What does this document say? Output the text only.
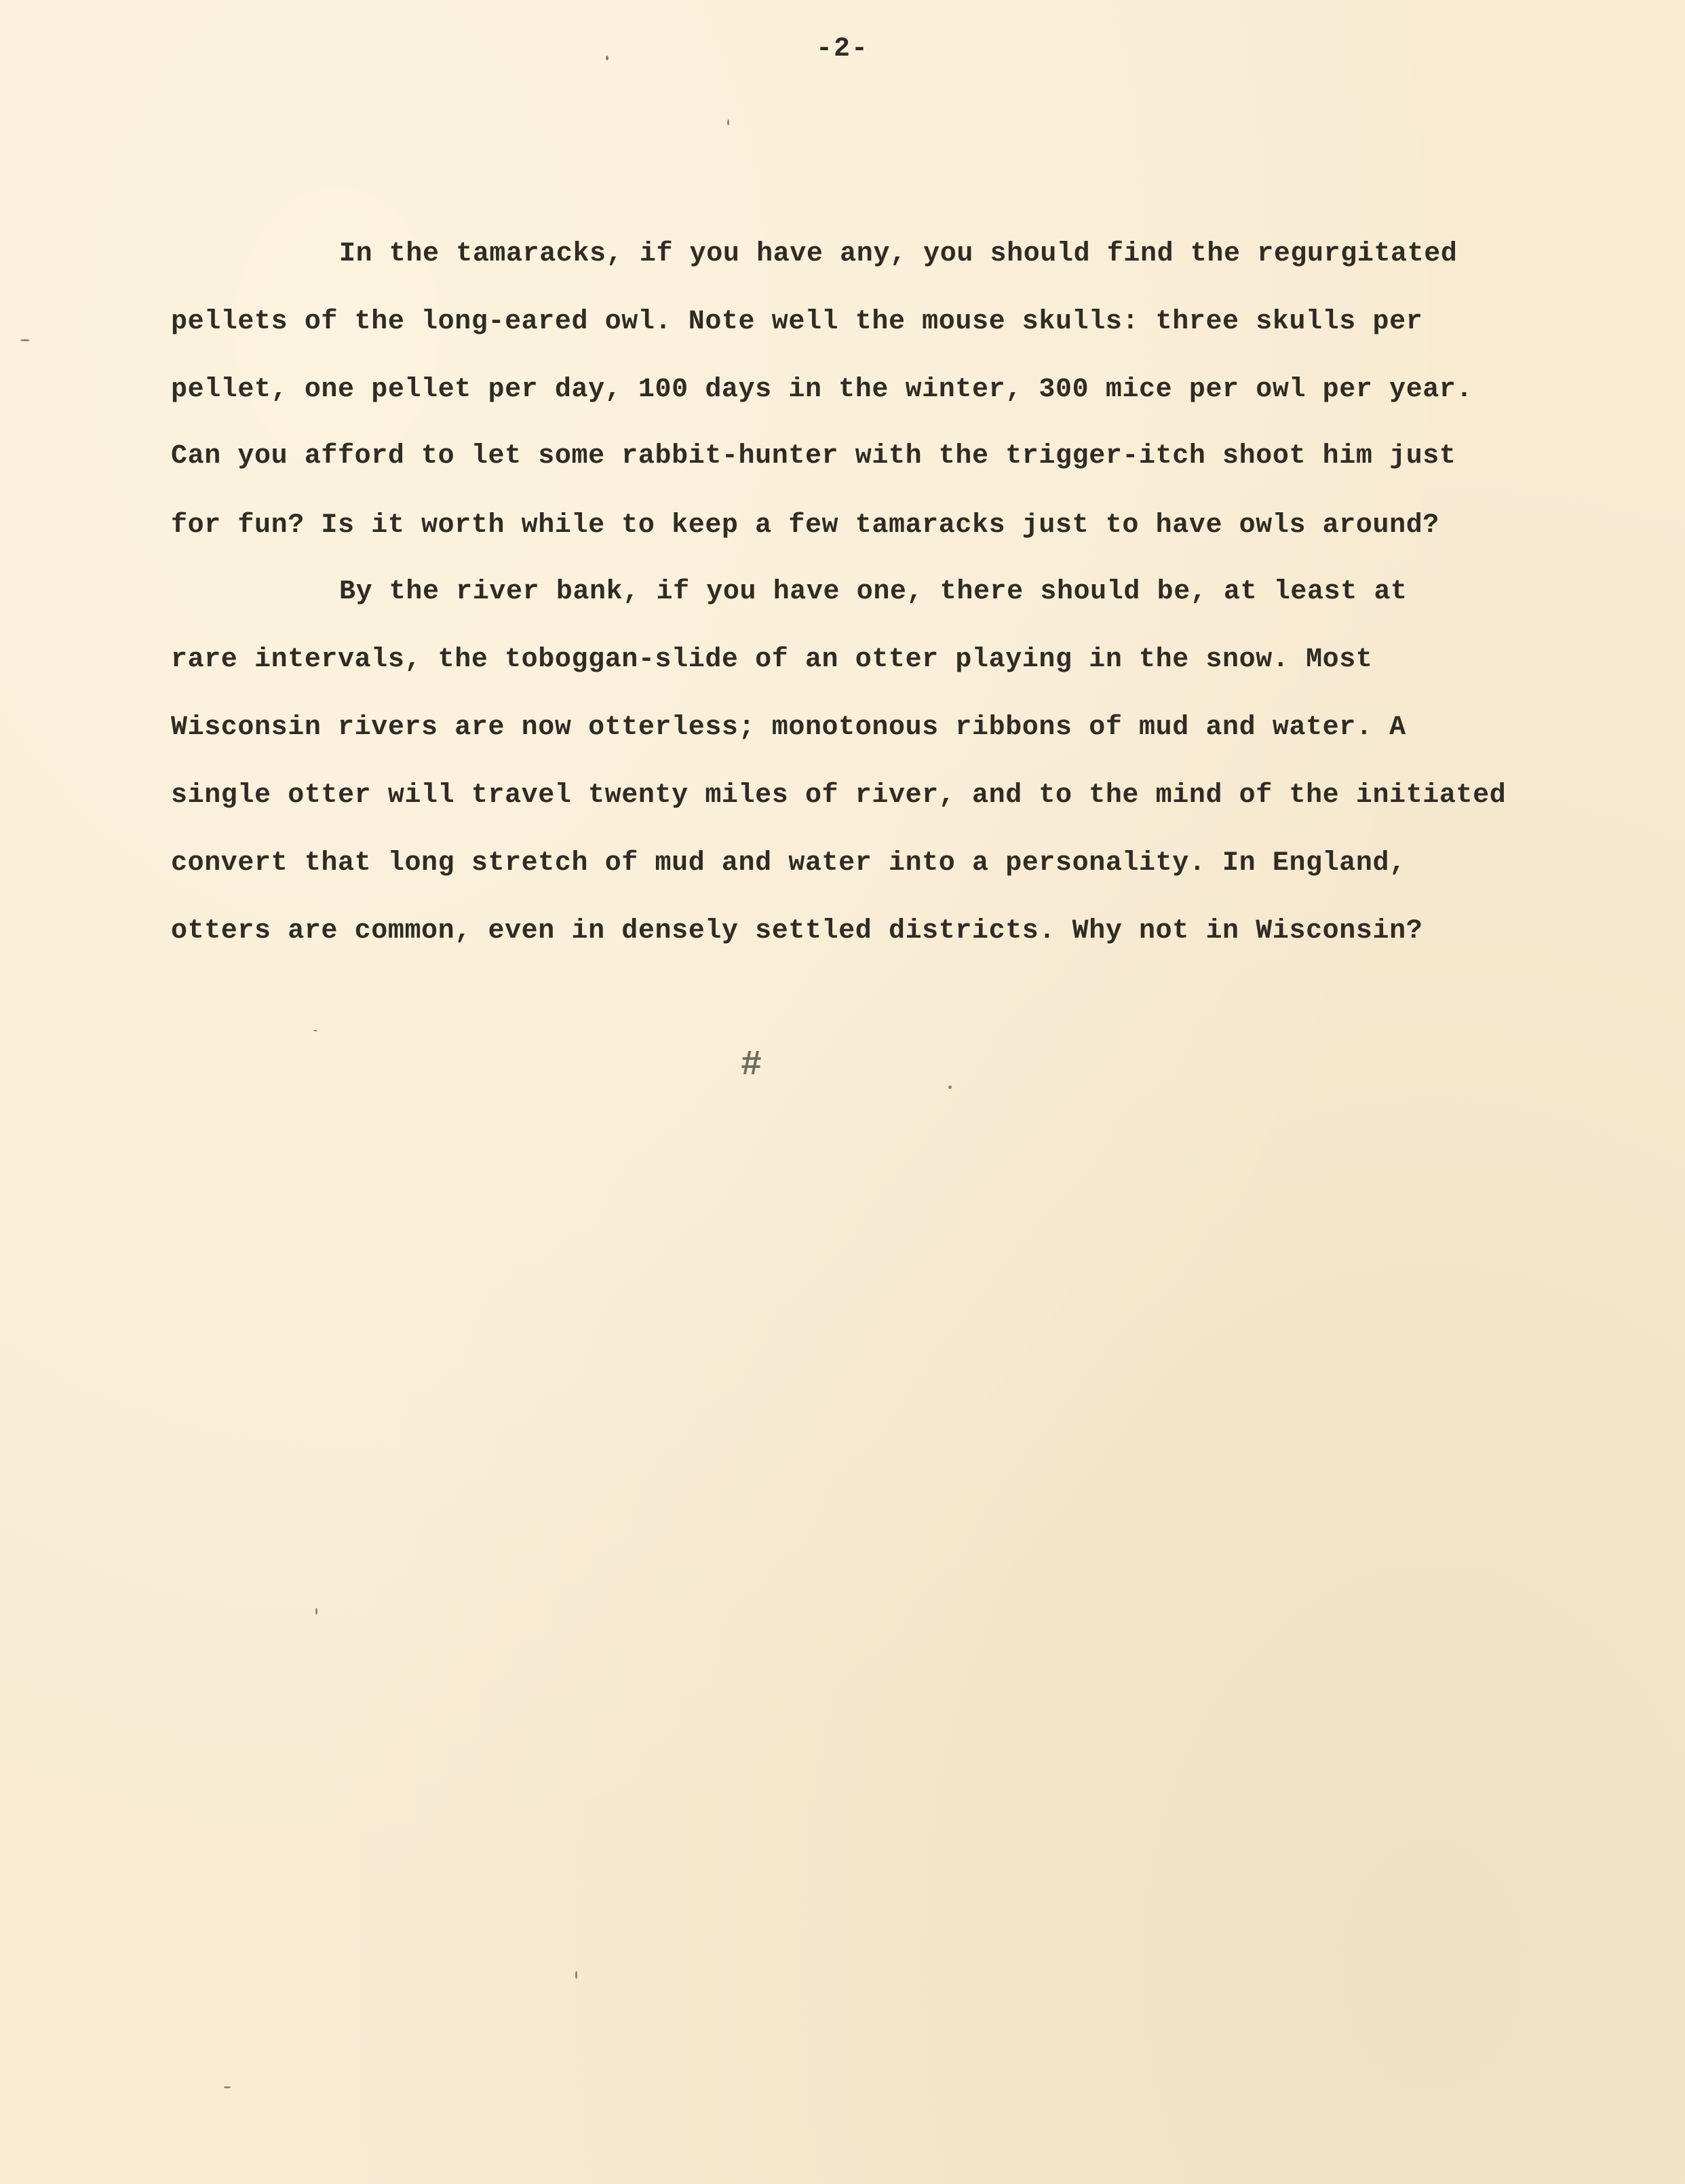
-2-
In the tamaracks, if you have any, you should find the regurgitated
pellets of the long-eared owl. Note well the mouse skulls: three skulls per
pellet, one pellet per day, 100 days in the winter, 300 mice per owl per year.
Can you afford to let some rabbit-hunter with the trigger-itch shoot him just
for fun? Is it worth while to keep a few tamaracks just to have owls around?
By the river bank, if you have one, there should be, at least at
rare intervals, the toboggan-slide of an otter playing in the snow. Most
Wisconsin rivers are now otterless; monotonous ribbons of mud and water. A
single otter will travel twenty miles of river, and to the mind of the initiated
convert that long stretch of mud and water into a personality. In England,
otters are common, even in densely settled districts. Why not in Wisconsin?
#
